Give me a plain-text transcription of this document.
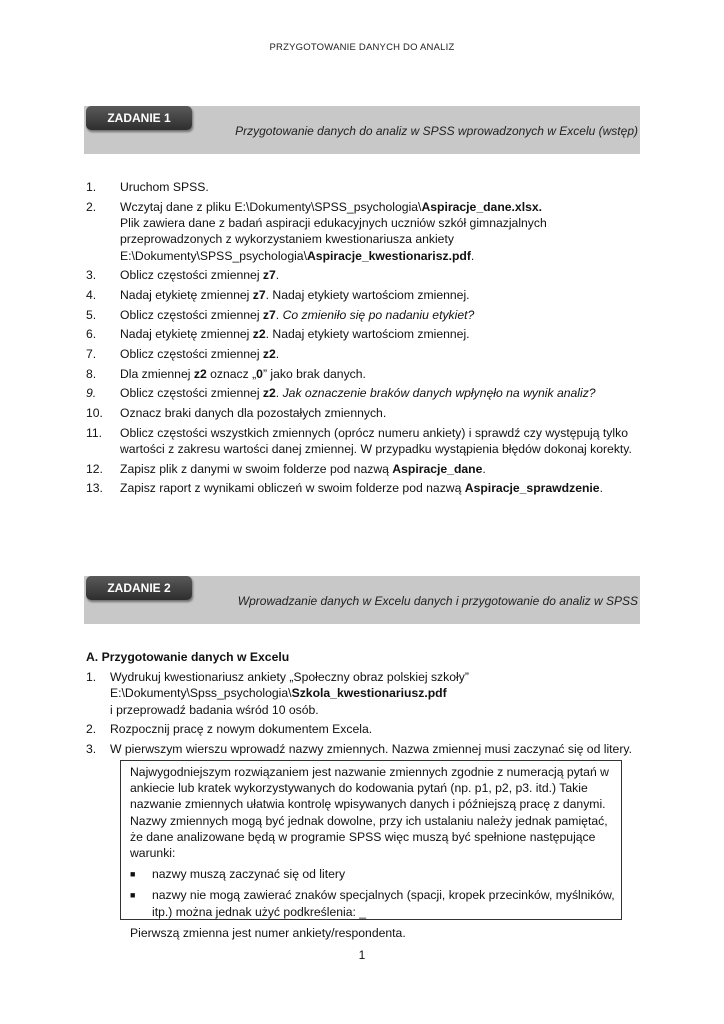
PRZYGOTOWANIE DANYCH DO ANALIZ
ZADANIE 1
Przygotowanie danych do analiz w SPSS wprowadzonych w Excelu (wstęp)
1. Uruchom SPSS.
2. Wczytaj dane z pliku E:\Dokumenty\SPSS_psychologia\Aspiracje_dane.xlsx.
Plik zawiera dane z badań aspiracji edukacyjnych uczniów szkół gimnazjalnych przeprowadzonych z wykorzystaniem kwestionariusza ankiety E:\Dokumenty\SPSS_psychologia\Aspiracje_kwestionarisz.pdf.
3. Oblicz częstości zmiennej z7.
4. Nadaj etykietę zmiennej z7. Nadaj etykiety wartościom zmiennej.
5. Oblicz częstości zmiennej z7. Co zmieniło się po nadaniu etykiet?
6. Nadaj etykietę zmiennej z2. Nadaj etykiety wartościom zmiennej.
7. Oblicz częstości zmiennej z2.
8. Dla zmiennej z2 oznacz „0” jako brak danych.
9. Oblicz częstości zmiennej z2. Jak oznaczenie braków danych wpłynęło na wynik analiz?
10. Oznacz braki danych dla pozostałych zmiennych.
11. Oblicz częstości wszystkich zmiennych (oprócz numeru ankiety) i sprawdź czy występują tylko wartości z zakresu wartości danej zmiennej. W przypadku wystąpienia błędów dokonaj korekty.
12. Zapisz plik z danymi w swoim folderze pod nazwą Aspiracje_dane.
13. Zapisz raport z wynikami obliczeń w swoim folderze pod nazwą Aspiracje_sprawdzenie.
ZADANIE 2
Wprowadzanie danych w Excelu danych i przygotowanie do analiz w SPSS
A. Przygotowanie danych w Excelu
1. Wydrukuj kwestionariusz ankiety „Społeczny obraz polskiej szkoły”
E:\Dokumenty\Spss_psychologia\Szkola_kwestionariusz.pdf
i przeprowadź badania wśród 10 osób.
2. Rozpocznij pracę z nowym dokumentem Excela.
3. W pierwszym wierszu wprowadź nazwy zmiennych. Nazwa zmiennej musi zaczynać się od litery.
Najwygodniejszym rozwiązaniem jest nazwanie zmiennych zgodnie z numeracją pytań w ankiecie lub kratek wykorzystywanych do kodowania pytań (np. p1, p2, p3. itd.) Takie nazwanie zmiennych ułatwia kontrolę wpisywanych danych i późniejszą pracę z danymi.
Nazwy zmiennych mogą być jednak dowolne, przy ich ustalaniu należy jednak pamiętać,
że dane analizowane będą w programie SPSS więc muszą być spełnione następujące warunki:
■ nazwy muszą zaczynać się od litery
■ nazwy nie mogą zawierać znaków specjalnych (spacji, kropek przecinków, myślników, itp.) można jednak użyć podkreślenia: _
Pierwszą zmienna jest numer ankiety/respondenta.
1
